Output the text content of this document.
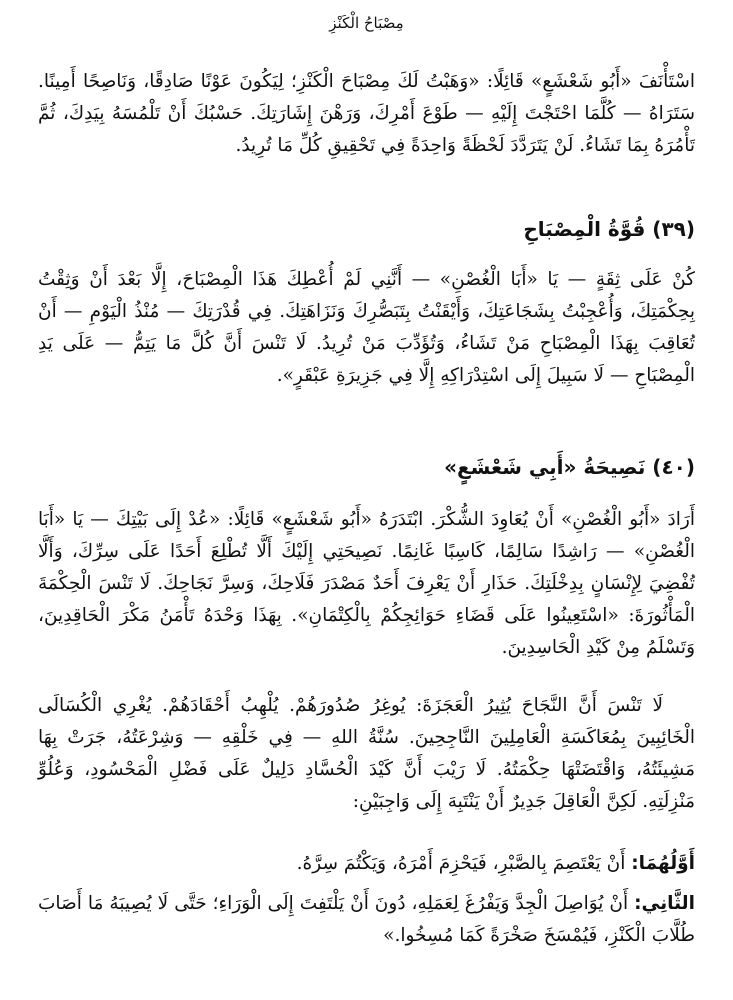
مِصْبَاحُ الْكَنْزِ

اسْتَأْنَفَ «أَبُو شَعْشَعٍ» قَائِلًا: «وَهَبْتُ لَكَ مِصْبَاحَ الْكَنْزِ؛ لِيَكُونَ عَوْنًا صَادِقًا، وَنَاصِحًا أَمِينًا. سَتَرَاهُ — كُلَّمَا احْتَجْتَ إِلَيْهِ — طَوْعَ أَمْرِكَ، وَرَهْنَ إِشَارَتِكَ. حَسْبُكَ أَنْ تَلْمُسَهُ بِيَدِكَ، ثُمَّ تَأْمُرَهُ بِمَا تَشَاءُ. لَنْ يَتَرَدَّدَ لَحْظَةً وَاحِدَةً فِي تَحْقِيقِ كُلِّ مَا تُرِيدُ.

(٣٩) قُوَّةُ الْمِصْبَاحِ

كُنْ عَلَى ثِقَةٍ — يَا «أَبَا الْغُصْنِ» — أَنَّنِي لَمْ أُعْطِكَ هَذَا الْمِصْبَاحَ، إِلَّا بَعْدَ أَنْ وَثِقْتُ بِحِكْمَتِكَ، وَأُعْجِبْتُ بِشَجَاعَتِكَ، وَأَيْقَنْتُ بِتَبَصُّرِكَ وَنَزَاهَتِكَ. فِي قُدْرَتِكَ — مُنْذُ الْيَوْمِ — أَنْ تُعَاقِبَ بِهَذَا الْمِصْبَاحِ مَنْ تَشَاءُ، وَتُؤَدِّبَ مَنْ تُرِيدُ. لَا تَنْسَ أَنَّ كُلَّ مَا يَتِمُّ — عَلَى يَدِ الْمِصْبَاحِ — لَا سَبِيلَ إِلَى اسْتِدْرَاكِهِ إِلَّا فِي جَزِيرَةِ عَبْقَرٍ».

(٤٠) نَصِيحَةُ «أَبِي شَعْشَعٍ»

أَرَادَ «أَبُو الْغُصْنِ» أَنْ يُعَاوِدَ الشُّكْرَ. ابْتَدَرَهُ «أَبُو شَعْشَعٍ» قَائِلًا: «عُدْ إِلَى بَيْتِكَ — يَا «أَبَا الْغُصْنِ» — رَاشِدًا سَالِمًا، كَاسِبًا غَانِمًا. نَصِيحَتِي إِلَيْكَ أَلَّا تُطْلِعَ أَحَدًا عَلَى سِرِّكَ، وَأَلَّا تُفْضِيَ لِإِنْسَانٍ بِدِخْلَتِكَ. حَذَارِ أَنْ يَعْرِفَ أَحَدٌ مَصْدَرَ فَلَاحِكَ، وَسِرَّ نَجَاحِكَ. لَا تَنْسَ الْحِكْمَةَ الْمَأْثُورَةَ: «اسْتَعِينُوا عَلَى قَضَاءِ حَوَائِجِكُمْ بِالْكِتْمَانِ». بِهَذَا وَحْدَهُ تَأْمَنُ مَكْرَ الْحَاقِدِينَ، وَتَسْلَمُ مِنْ كَيْدِ الْحَاسِدِينَ.

لَا تَنْسَ أَنَّ النَّجَاحَ يُثِيرُ الْعَجَزَةَ: يُوغِرُ صُدُورَهُمْ. يُلْهِبُ أَحْقَادَهُمْ. يُغْرِي الْكُسَالَى الْخَائِبِينَ بِمُعَاكَسَةِ الْعَامِلِينَ النَّاجِحِينَ. سُنَّةُ اللهِ — فِي خَلْقِهِ — وَشِرْعَتُهُ، جَرَتْ بِهَا مَشِيئَتُهُ، وَاقْتَضَتْهَا حِكْمَتُهُ. لَا رَيْبَ أَنَّ كَيْدَ الْحُسَّادِ دَلِيلٌ عَلَى فَضْلِ الْمَحْسُودِ، وَعُلُوِّ مَنْزِلَتِهِ. لَكِنَّ الْعَاقِلَ جَدِيرٌ أَنْ يَنْتَبِهَ إِلَى وَاجِبَيْنِ:

أَوَّلُهُمَا: أَنْ يَعْتَصِمَ بِالصَّبْرِ، فَيَحْزِمَ أَمْرَهُ، وَيَكْتُمَ سِرَّهُ.

الثَّانِي: أَنْ يُوَاصِلَ الْجِدَّ وَيَفْرُغَ لِعَمَلِهِ، دُونَ أَنْ يَلْتَفِتَ إِلَى الْوَرَاءِ؛ حَتَّى لَا يُصِيبَهُ مَا أَصَابَ طُلَّابَ الْكَنْزِ، فَيُمْسَخَ صَخْرَةً كَمَا مُسِخُوا.»
